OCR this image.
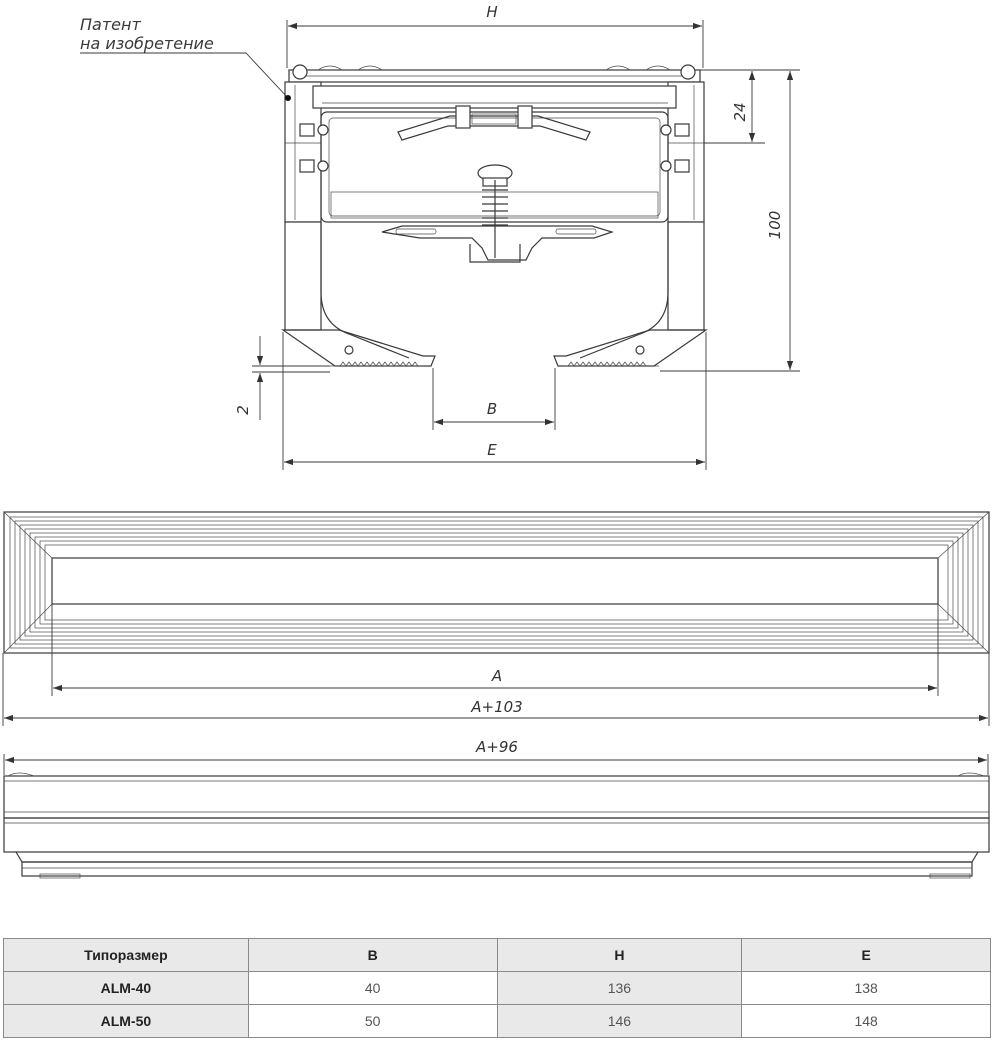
Патент
на изобретение
H
24
100
2	B
E
A
A+103
A+96
Типоразмер	B	H	E
ALM-40	40	136	138
ALM-50	50	146	148
